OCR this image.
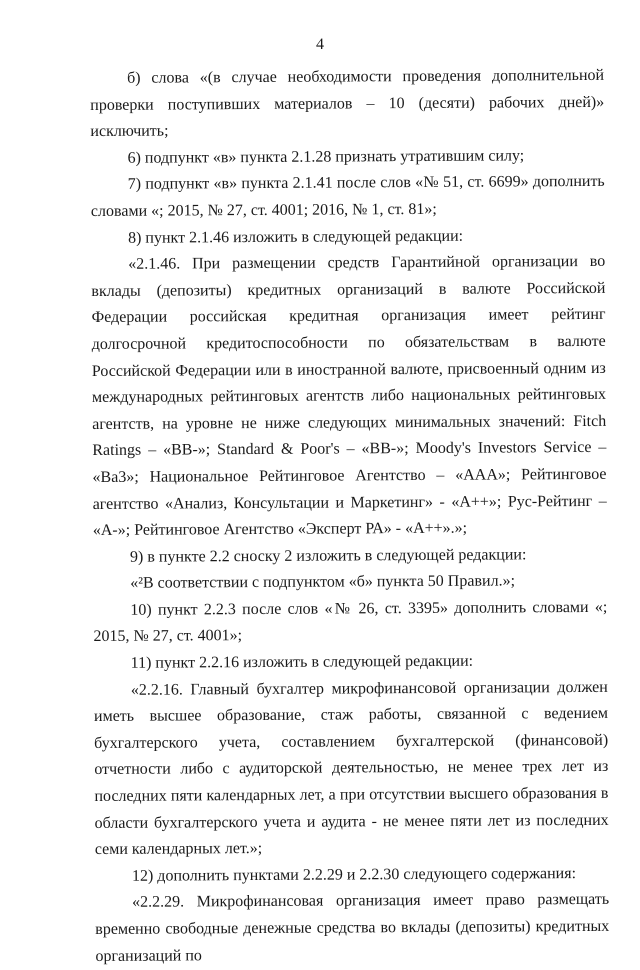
4

б) слова «(в случае необходимости проведения дополнительной проверки поступивших материалов – 10 (десяти) рабочих дней)» исключить;

6) подпункт «в» пункта 2.1.28 признать утратившим силу;

7) подпункт «в» пункта 2.1.41 после слов «№ 51, ст. 6699» дополнить словами «; 2015, № 27, ст. 4001; 2016, № 1, ст. 81»;

8) пункт 2.1.46 изложить в следующей редакции:

«2.1.46. При размещении средств Гарантийной организации во вклады (депозиты) кредитных организаций в валюте Российской Федерации российская кредитная организация имеет рейтинг долгосрочной кредитоспособности по обязательствам в валюте Российской Федерации или в иностранной валюте, присвоенный одним из международных рейтинговых агентств либо национальных рейтинговых агентств, на уровне не ниже следующих минимальных значений: Fitch Ratings – «BB-»; Standard & Poor's – «BB-»; Moody's Investors Service – «Ba3»; Национальное Рейтинговое Агентство – «AAA»; Рейтинговое агентство «Анализ, Консультации и Маркетинг» - «A++»; Рус-Рейтинг – «A-»; Рейтинговое Агентство «Эксперт РА» - «A++».»;

9) в пункте 2.2 сноску 2 изложить в следующей редакции:

«²В соответствии с подпунктом «б» пункта 50 Правил.»;

10) пункт 2.2.3 после слов «№ 26, ст. 3395» дополнить словами «; 2015, № 27, ст. 4001»;

11) пункт 2.2.16 изложить в следующей редакции:

«2.2.16. Главный бухгалтер микрофинансовой организации должен иметь высшее образование, стаж работы, связанной с ведением бухгалтерского учета, составлением бухгалтерской (финансовой) отчетности либо с аудиторской деятельностью, не менее трех лет из последних пяти календарных лет, а при отсутствии высшего образования в области бухгалтерского учета и аудита - не менее пяти лет из последних семи календарных лет.»;

12) дополнить пунктами 2.2.29 и 2.2.30 следующего содержания:

«2.2.29. Микрофинансовая организация имеет право размещать временно свободные денежные средства во вклады (депозиты) кредитных организаций по
